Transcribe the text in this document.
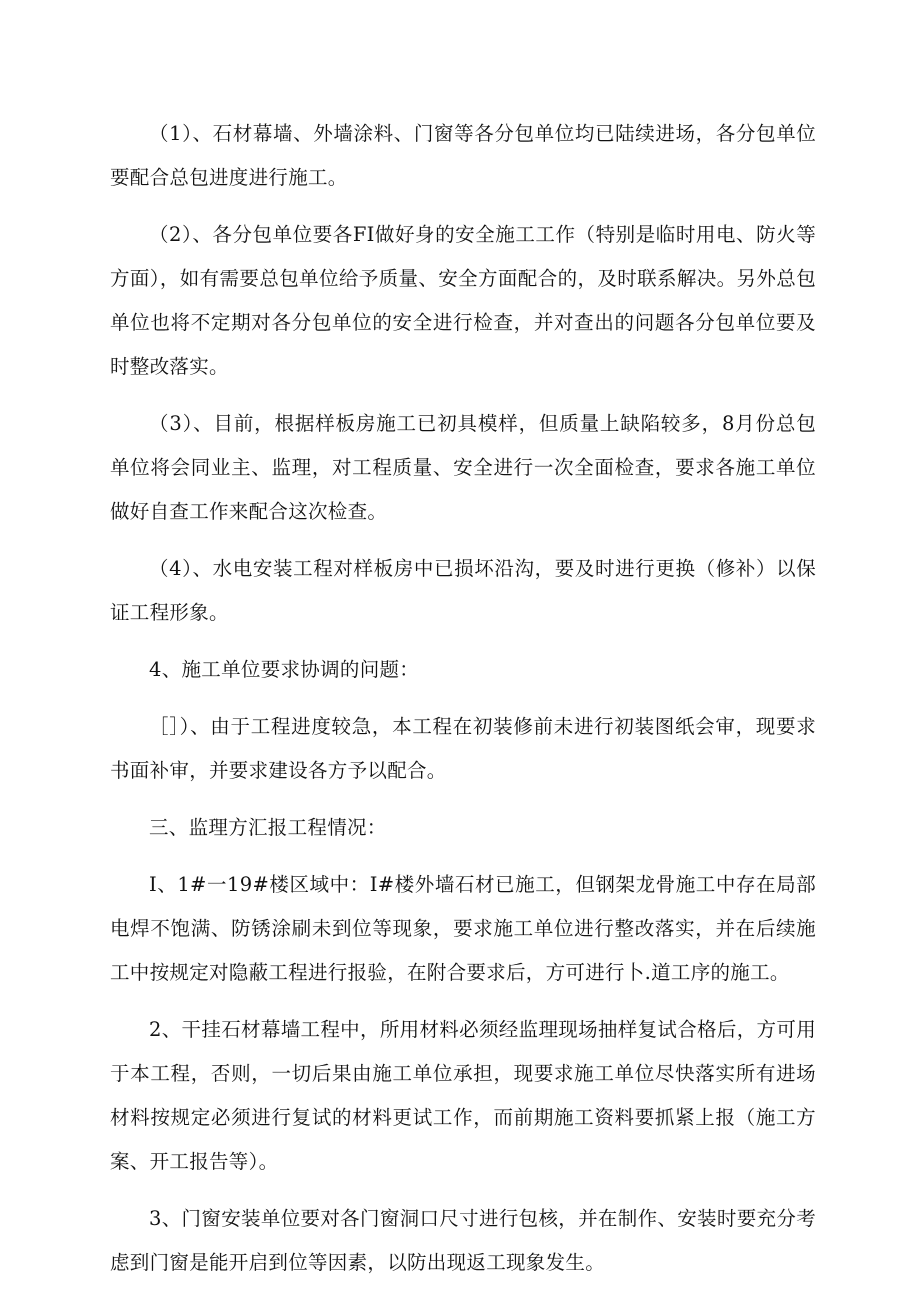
（1）、石材幕墙、外墙涂料、门窗等各分包单位均已陆续进场，各分包单位要配合总包进度进行施工。

（2）、各分包单位要各FI做好身的安全施工工作（特别是临时用电、防火等方面），如有需要总包单位给予质量、安全方面配合的，及时联系解决。另外总包单位也将不定期对各分包单位的安全进行检查，并对查出的问题各分包单位要及时整改落实。

（3）、目前，根据样板房施工已初具模样，但质量上缺陷较多，8月份总包单位将会同业主、监理，对工程质量、安全进行一次全面检查，要求各施工单位做好自查工作来配合这次检查。

（4）、水电安装工程对样板房中已损坏沿沟，要及时进行更换（修补）以保证工程形象。

4、施工单位要求协调的问题：

［］）、由于工程进度较急，本工程在初装修前未进行初装图纸会审，现要求书面补审，并要求建设各方予以配合。

三、监理方汇报工程情况：

I、1#一19#楼区域中：I#楼外墙石材已施工，但钢架龙骨施工中存在局部电焊不饱满、防锈涂刷未到位等现象，要求施工单位进行整改落实，并在后续施工中按规定对隐蔽工程进行报验，在附合要求后，方可进行卜.道工序的施工。

2、干挂石材幕墙工程中，所用材料必须经监理现场抽样复试合格后，方可用于本工程，否则，一切后果由施工单位承担，现要求施工单位尽快落实所有进场材料按规定必须进行复试的材料更试工作，而前期施工资料要抓紧上报（施工方案、开工报告等）。

3、门窗安装单位要对各门窗洞口尺寸进行包核，并在制作、安装时要充分考虑到门窗是能开启到位等因素，以防出现返工现象发生。
